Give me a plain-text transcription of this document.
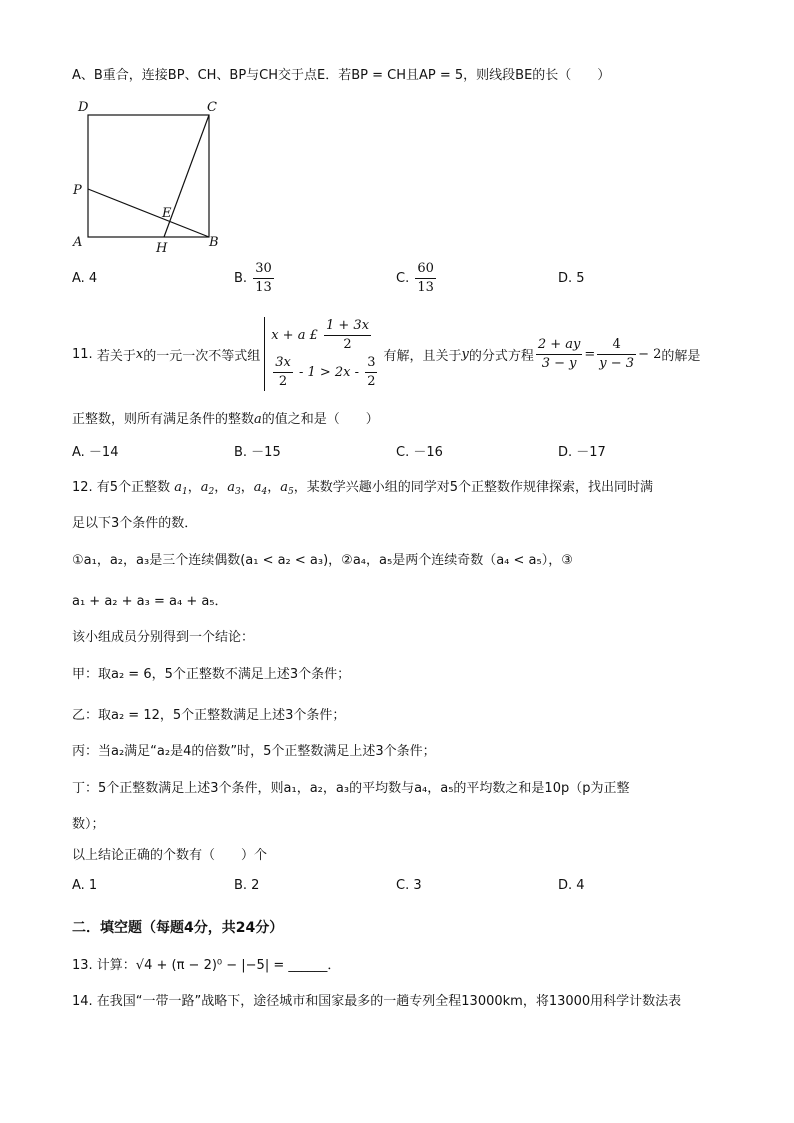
A、B重合，连接BP、CH、BP与CH交于点E．若BP = CH且AP = 5，则线段BE的长（　　）
D	C
P
E
A	H	B
A. 4	B. $\frac{30}{13}$	C. $\frac{60}{13}$	D. 5
11.
若关于 x 的一元一次不等式组
x + a £ $\frac{1 + 3x}{2}$
$\frac{3x}{2} - 1 > 2x - \frac{3}{2}$ 有解，且关于 y 的分式方程 $\frac{2 + ay}{3 - y} = \frac{4}{y - 3} - 2$ 的解是
正整数，则所有满足条件的整数a的值之和是（　　）
A. －14	B. －15	C. －16	D. －17
12. 有5个正整数 $a_1$，$a_2$，$a_3$，$a_4$，$a_5$，某数学兴趣小组的同学对5个正整数作规律探索，找出同时满
足以下3个条件的数．
①a₁，a₂，a₃是三个连续偶数(a₁ < a₂ < a₃)，②a₄，a₅是两个连续奇数（a₄ < a₅），③
a₁ + a₂ + a₃ = a₄ + a₅．
该小组成员分别得到一个结论：
甲：取a₂ = 6，5个正整数不满足上述3个条件；
乙：取a₂ = 12，5个正整数满足上述3个条件；
丙：当a₂满足“a₂是4的倍数”时，5个正整数满足上述3个条件；
丁：5个正整数满足上述3个条件，则a₁，a₂，a₃的平均数与a₄，a₅的平均数之和是10p（p为正整
数）；
以上结论正确的个数有（　　）个
A. 1	B. 2	C. 3	D. 4
二．填空题（每题4分，共24分）
13. 计算：√4 + (π − 2)⁰ − |−5| = ______．
14. 在我国“一带一路”战略下，途径城市和国家最多的一趟专列全程13000km，将13000用科学计数法表
